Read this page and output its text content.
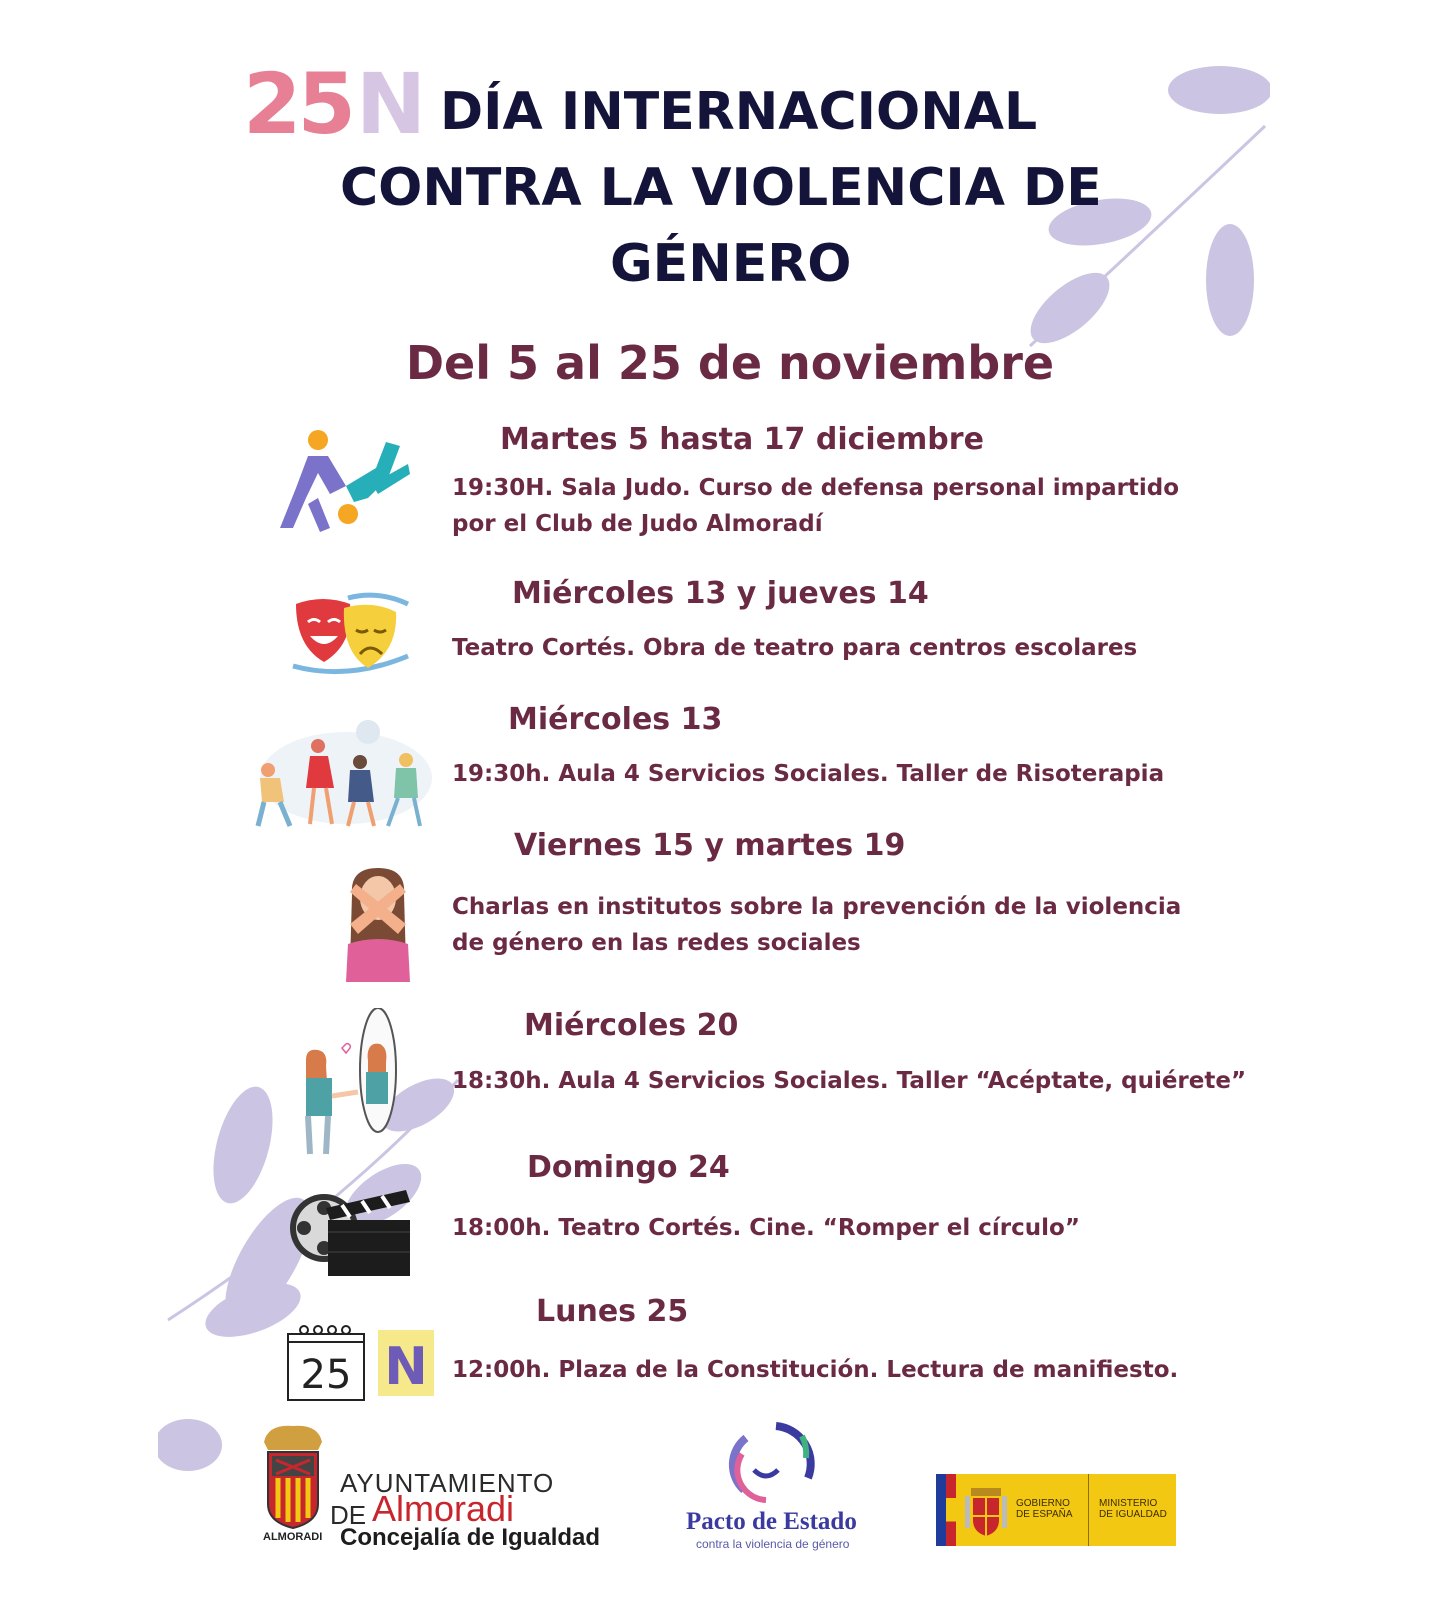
25 N DÍA INTERNACIONAL
CONTRA LA VIOLENCIA DE
GÉNERO
Del 5 al 25 de noviembre
Martes 5 hasta 17 diciembre
19:30H. Sala Judo. Curso de defensa personal impartido
por el Club de Judo Almoradí
Miércoles 13 y jueves 14
Teatro Cortés. Obra de teatro para centros escolares
Miércoles 13
19:30h. Aula 4 Servicios Sociales. Taller de Risoterapia
Viernes 15 y martes 19
Charlas en institutos sobre la prevención de la violencia
de género en las redes sociales
Miércoles 20
18:30h. Aula 4 Servicios Sociales. Taller “Acéptate, quiérete”
Domingo 24
18:00h. Teatro Cortés. Cine. “Romper el círculo”
25 N
Lunes 25
12:00h. Plaza de la Constitución. Lectura de manifiesto.
ALMORADI
AYUNTAMIENTO
DE Almoradi
Concejalía de Igualdad
Pacto de Estado
contra la violencia de género
GOBIERNO
DE ESPAÑA
MINISTERIO
DE IGUALDAD
